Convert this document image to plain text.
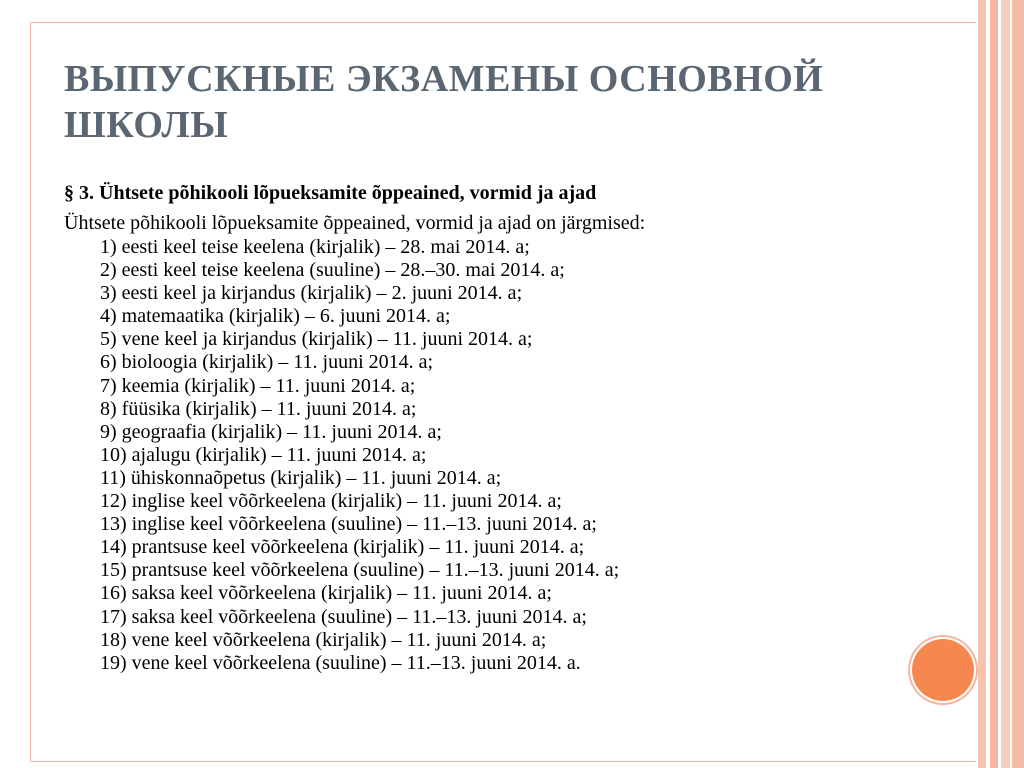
ВЫПУСКНЫЕ ЭКЗАМЕНЫ ОСНОВНОЙ ШКОЛЫ

§ 3. Ühtsete põhikooli lõpueksamite õppeained, vormid ja ajad

Ühtsete põhikooli lõpueksamite õppeained, vormid ja ajad on järgmised:

1) eesti keel teise keelena (kirjalik) – 28. mai 2014. a;
2) eesti keel teise keelena (suuline) – 28.–30. mai 2014. a;
3) eesti keel ja kirjandus (kirjalik) – 2. juuni 2014. a;
4) matemaatika (kirjalik) – 6. juuni 2014. a;
5) vene keel ja kirjandus (kirjalik) – 11. juuni 2014. a;
6) bioloogia (kirjalik) – 11. juuni 2014. a;
7) keemia (kirjalik) – 11. juuni 2014. a;
8) füüsika (kirjalik) – 11. juuni 2014. a;
9) geograafia (kirjalik) – 11. juuni 2014. a;
10) ajalugu (kirjalik) – 11. juuni 2014. a;
11) ühiskonnaõpetus (kirjalik) – 11. juuni 2014. a;
12) inglise keel võõrkeelena (kirjalik) – 11. juuni 2014. a;
13) inglise keel võõrkeelena (suuline) – 11.–13. juuni 2014. a;
14) prantsuse keel võõrkeelena (kirjalik) – 11. juuni 2014. a;
15) prantsuse keel võõrkeelena (suuline) – 11.–13. juuni 2014. a;
16) saksa keel võõrkeelena (kirjalik) – 11. juuni 2014. a;
17) saksa keel võõrkeelena (suuline) – 11.–13. juuni 2014. a;
18) vene keel võõrkeelena (kirjalik) – 11. juuni 2014. a;
19) vene keel võõrkeelena (suuline) – 11.–13. juuni 2014. a.
